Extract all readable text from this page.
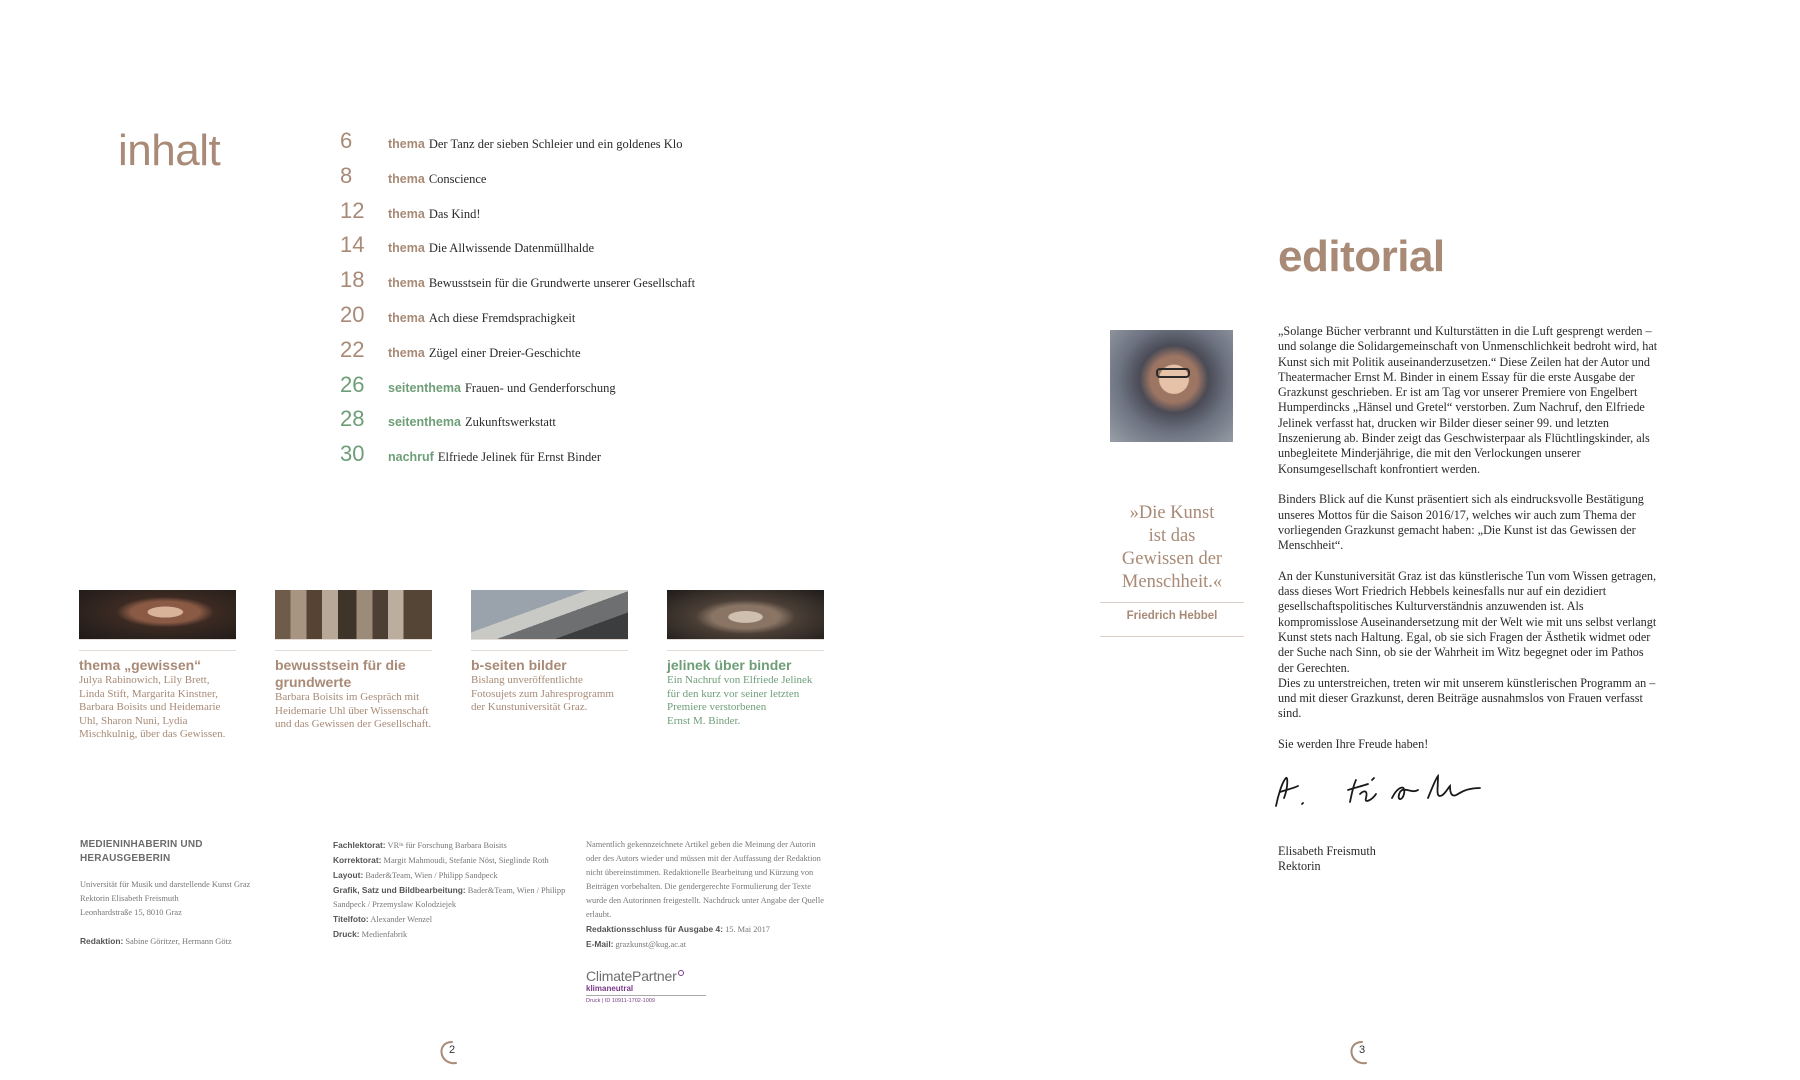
inhalt	6	thema Der Tanz der sieben Schleier und ein goldenes Klo
8	thema Conscience
12	thema Das Kind!
14	thema Die Allwissende Datenmüllhalde
18	thema Bewusstsein für die Grundwerte unserer Gesellschaft
20	thema Ach diese Fremdsprachigkeit
22	thema Zügel einer Dreier-Geschichte
26	seitenthema Frauen- und Genderforschung
28	seitenthema Zukunftswerkstatt
30	nachruf Elfriede Jelinek für Ernst Binder
thema „gewissen“
Julya Rabinowich, Lily Brett,
Linda Stift, Margarita Kinstner,
Barbara Boisits und Heidemarie
Uhl, Sharon Nuni, Lydia
Mischkulnig, über das Gewissen.
bewusstsein für die grundwerte
Barbara Boisits im Gespräch mit
Heidemarie Uhl über Wissenschaft
und das Gewissen der Gesellschaft.
b-seiten bilder
Bislang unveröffentlichte
Fotosujets zum Jahresprogramm
der Kunstuniversität Graz.
jelinek über binder
Ein Nachruf von Elfriede Jelinek
für den kurz vor seiner letzten
Premiere verstorbenen
Ernst M. Binder.
MEDIENINHABERIN UND
HERAUSGEBERIN
Universität für Musik und darstellende Kunst Graz
Rektorin Elisabeth Freismuth
Leonhardstraße 15, 8010 Graz
Redaktion: Sabine Göritzer, Hermann Götz
Fachlektorat: VRᴵⁿ für Forschung Barbara Boisits
Korrektorat: Margit Mahmoudi, Stefanie Nöst, Sieglinde Roth
Layout: Bader&Team, Wien / Philipp Sandpeck
Grafik, Satz und Bildbearbeitung: Bader&Team, Wien / Philipp Sandpeck / Przemyslaw Kolodziejek
Titelfoto: Alexander Wenzel
Druck: Medienfabrik
Namentlich gekennzeichnete Artikel geben die Meinung der Autorin oder des Autors wieder und müssen mit der Auffassung der Redaktion nicht übereinstimmen. Redaktionelle Bearbeitung und Kürzung von Beiträgen vorbehalten. Die gendergerechte Formulierung der Texte wurde den Autorinnen freigestellt. Nachdruck unter Angabe der Quelle erlaubt.
Redaktionsschluss für Ausgabe 4: 15. Mai 2017
E-Mail: grazkunst@kug.ac.at
ClimatePartner
klimaneutral
Druck | ID 10911-1702-1009
2
editorial
»Die Kunst
ist das
Gewissen der
Menschheit.«
Friedrich Hebbel

„Solange Bücher verbrannt und Kulturstätten in die Luft gesprengt werden – und solange die Solidargemeinschaft von Unmenschlichkeit bedroht wird, hat Kunst sich mit Politik auseinanderzusetzen.“ Diese Zeilen hat der Autor und Theatermacher Ernst M. Binder in einem Essay für die erste Ausgabe der Grazkunst geschrieben. Er ist am Tag vor unserer Premiere von Engelbert Humperdincks „Hänsel und Gretel“ verstorben. Zum Nachruf, den Elfriede Jelinek verfasst hat, drucken wir Bilder dieser seiner 99. und letzten Inszenierung ab. Binder zeigt das Geschwisterpaar als Flüchtlingskinder, als unbegleitete Minderjährige, die mit den Verlockungen unserer Konsumgesellschaft konfrontiert werden.

Binders Blick auf die Kunst präsentiert sich als eindrucksvolle Bestätigung unseres Mottos für die Saison 2016/17, welches wir auch zum Thema der vorliegenden Grazkunst gemacht haben: „Die Kunst ist das Gewissen der Menschheit“.

An der Kunstuniversität Graz ist das künstlerische Tun vom Wissen getragen, dass dieses Wort Friedrich Hebbels keinesfalls nur auf ein dezidiert gesellschaftspolitisches Kulturverständnis anzuwenden ist. Als kompromisslose Auseinandersetzung mit der Welt wie mit uns selbst verlangt Kunst stets nach Haltung. Egal, ob sie sich Fragen der Ästhetik widmet oder der Suche nach Sinn, ob sie der Wahrheit im Witz begegnet oder im Pathos der Gerechten.

Dies zu unterstreichen, treten wir mit unserem künstlerischen Programm an – und mit dieser Grazkunst, deren Beiträge ausnahmslos von Frauen verfasst sind.

Sie werden Ihre Freude haben!

Elisabeth Freismuth
Rektorin
3
